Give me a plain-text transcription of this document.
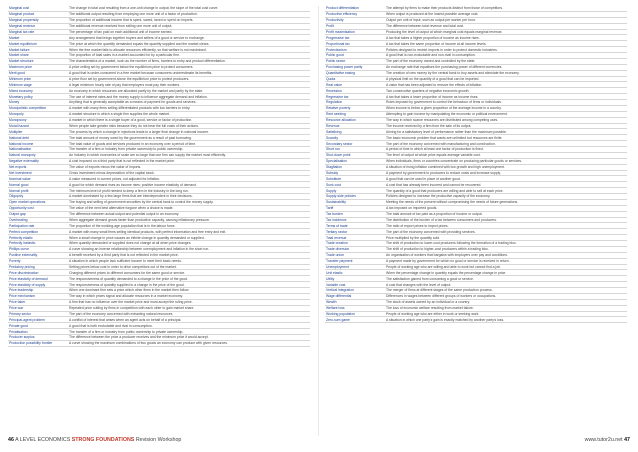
Marginal cost	The change in total cost resulting from a one-unit change in output; the slope of the total cost curve.
Marginal product	The additional output resulting from employing one more unit of a factor of production.
Marginal propensity	The proportion of additional income that is spent, saved, taxed or spent on imports.
Marginal revenue	The additional revenue received from selling one more unit of output.
Marginal tax rate	The percentage of tax paid on each additional unit of income earned.
Market	Any arrangement that brings together buyers and sellers of a good or service to exchange.
Market equilibrium	The price at which the quantity demanded equals the quantity supplied and the market clears.
Market failure	When the free market fails to allocate resources efficiently, so that welfare is not maximised.
Market share	The proportion of total sales in a market accounted for by a particular firm.
Market structure	The characteristics of a market, such as the number of firms, barriers to entry and product differentiation.
Maximum price	A price ceiling set by government below the equilibrium price to protect consumers.
Merit good	A good that is under-consumed in a free market because consumers underestimate its benefits.
Minimum price	A price floor set by government above the equilibrium price to protect producers.
Minimum wage	A legal minimum hourly rate of pay that employers must pay their workers.
Mixed economy	An economy in which resources are allocated partly by the market and partly by the state.
Monetary policy	The use of interest rates and the money supply to influence aggregate demand and inflation.
Money	Anything that is generally acceptable as a means of payment for goods and services.
Monopolistic competition	A market with many firms selling differentiated products with low barriers to entry.
Monopoly	A market structure in which a single firm supplies the whole market.
Monopsony	A market in which there is a single buyer of a good, service or factor of production.
Moral hazard	When people take greater risks because they do not bear the full costs of their actions.
Multiplier	The process by which a change in injections leads to a larger final change in national income.
National debt	The total amount of money owed by the government as a result of past borrowing.
National income	The total value of goods and services produced in an economy over a period of time.
Nationalisation	The transfer of a firm or industry from private ownership to public ownership.
Natural monopoly	An industry in which economies of scale are so large that one firm can supply the market most efficiently.
Negative externality	A cost imposed on a third party that is not reflected in the market price.
Net exports	The value of exports minus the value of imports.
Net investment	Gross investment minus depreciation of the capital stock.
Nominal value	A value measured in current prices, not adjusted for inflation.
Normal good	A good for which demand rises as income rises; positive income elasticity of demand.
Normal profit	The minimum level of profit needed to keep a firm in the industry in the long run.
Oligopoly	A market dominated by a few large firms that are interdependent in their decisions.
Open market operations	The buying and selling of government securities by the central bank to control the money supply.
Opportunity cost	The value of the next best alternative forgone when a choice is made.
Output gap	The difference between actual output and potential output in an economy.
Overheating	When aggregate demand grows faster than productive capacity, causing inflationary pressure.
Participation rate	The proportion of the working-age population that is in the labour force.
Perfect competition	A market with many small firms selling identical products, with perfect information and free entry and exit.
Perfectly elastic	When a small change in price causes an infinite change in quantity demanded or supplied.
Perfectly inelastic	When quantity demanded or supplied does not change at all when price changes.
Phillips curve	A curve showing an inverse relationship between unemployment and inflation in the short run.
Positive externality	A benefit received by a third party that is not reflected in the market price.
Poverty	A situation in which people lack sufficient income to meet their basic needs.
Predatory pricing	Setting prices below cost in order to drive competitors out of the market.
Price discrimination	Charging different prices to different consumers for the same good or service.
Price elasticity of demand	The responsiveness of quantity demanded to a change in the price of the good.
Price elasticity of supply	The responsiveness of quantity supplied to a change in the price of the good.
Price leadership	When one dominant firm sets a price which other firms in the market then follow.
Price mechanism	The way in which prices signal and allocate resources in a market economy.
Price taker	A firm that has no influence over the market price and must accept the ruling price.
Price war	Repeated price cutting by firms in competition with each other to gain market share.
Primary sector	The part of the economy concerned with extracting natural resources.
Principal-agent problem	A conflict of interest that arises when an agent acts on behalf of a principal.
Private good	A good that is both excludable and rival in consumption.
Privatisation	The transfer of a firm or industry from public ownership to private ownership.
Producer surplus	The difference between the price a producer receives and the minimum price it would accept.
Production possibility frontier	A curve showing the maximum combinations of two goods an economy can produce with given resources.
Product differentiation	The attempt by firms to make their products distinct from those of competitors.
Productive efficiency	When output is produced at the lowest possible average cost.
Productivity	Output per unit of input, such as output per worker per hour.
Profit	The difference between total revenue and total cost.
Profit maximisation	Producing the level of output at which marginal cost equals marginal revenue.
Progressive tax	A tax that takes a higher proportion of income as income rises.
Proportional tax	A tax that takes the same proportion of income at all income levels.
Protectionism	Policies designed to restrict imports in order to protect domestic industries.
Public good	A good that is non-excludable and non-rival in consumption.
Public sector	The part of the economy owned and controlled by the state.
Purchasing power parity	An exchange rate that equalises the purchasing power of different currencies.
Quantitative easing	The creation of new money by the central bank to buy assets and stimulate the economy.
Quota	A physical limit on the quantity of a good that can be imported.
Real value	A value that has been adjusted to remove the effects of inflation.
Recession	Two consecutive quarters of negative economic growth.
Regressive tax	A tax that takes a lower proportion of income as income rises.
Regulation	Rules imposed by government to control the behaviour of firms or individuals.
Relative poverty	When income is below a given proportion of the average income in a country.
Rent seeking	Attempting to gain income by manipulating the economic or political environment.
Resource allocation	The way in which scarce resources are distributed among competing uses.
Revenue	The income received by a firm from the sale of its output.
Satisficing	Aiming for a satisfactory level of performance rather than the maximum possible.
Scarcity	The basic economic problem that wants are unlimited but resources are finite.
Secondary sector	The part of the economy concerned with manufacturing and construction.
Short run	A period of time in which at least one factor of production is fixed.
Shut-down point	The level of output at which price equals average variable cost.
Specialisation	When individuals, firms or countries concentrate on producing particular goods or services.
Stagflation	A situation of rising inflation combined with low growth and high unemployment.
Subsidy	A payment by government to producers to reduce costs and increase supply.
Substitute	A good that can be used in place of another good.
Sunk cost	A cost that has already been incurred and cannot be recovered.
Supply	The quantity of a good that producers are willing and able to sell at each price.
Supply-side policies	Policies designed to increase the productive capacity of the economy.
Sustainability	Meeting the needs of the present without compromising the needs of future generations.
Tariff	A tax imposed on imported goods.
Tax burden	The total amount of tax paid as a proportion of income or output.
Tax incidence	The distribution of the burden of a tax between consumers and producers.
Terms of trade	The ratio of export prices to import prices.
Tertiary sector	The part of the economy concerned with providing services.
Total revenue	Price multiplied by the quantity sold.
Trade creation	The shift of production to lower-cost producers following the formation of a trading bloc.
Trade diversion	The shift of production to higher-cost producers within a trading bloc.
Trade union	An organisation of workers that bargains with employers over pay and conditions.
Transfer payment	A payment made by government for which no good or service is received in return.
Unemployment	People of working age who are willing and able to work but cannot find a job.
Unit elastic	When the percentage change in quantity equals the percentage change in price.
Utility	The satisfaction gained from consuming a good or service.
Variable cost	A cost that changes with the level of output.
Vertical integration	The merger of firms at different stages of the same production process.
Wage differential	Differences in wages between different groups of workers or occupations.
Wealth	The stock of assets owned by an individual or a country.
Welfare loss	The loss of economic welfare resulting from market failure.
Working population	People of working age who are either in work or seeking work.
Zero-sum game	A situation in which one party's gain is exactly matched by another party's loss.
46 A LEVEL ECONOMICS STRONG FOUNDATIONS Revision Workshop	www.tutor2u.net 47
